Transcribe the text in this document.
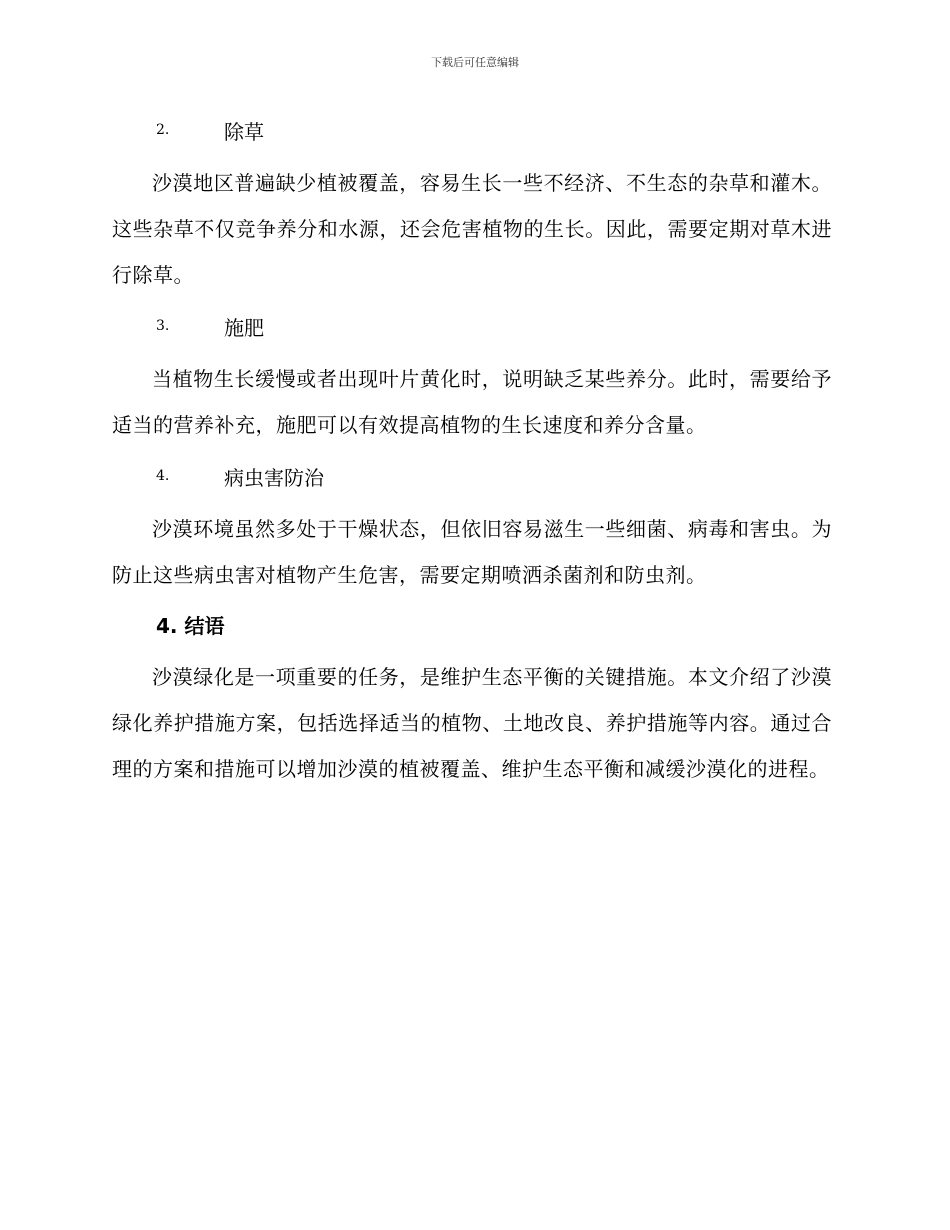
下载后可任意编辑
2.	除草

沙漠地区普遍缺少植被覆盖，容易生长一些不经济、不生态的杂草和灌木。这些杂草不仅竞争养分和水源，还会危害植物的生长。因此，需要定期对草木进行除草。

3.	施肥

当植物生长缓慢或者出现叶片黄化时，说明缺乏某些养分。此时，需要给予适当的营养补充，施肥可以有效提高植物的生长速度和养分含量。

4.	病虫害防治

沙漠环境虽然多处于干燥状态，但依旧容易滋生一些细菌、病毒和害虫。为防止这些病虫害对植物产生危害，需要定期喷洒杀菌剂和防虫剂。

4. 结语

沙漠绿化是一项重要的任务，是维护生态平衡的关键措施。本文介绍了沙漠绿化养护措施方案，包括选择适当的植物、土地改良、养护措施等内容。通过合理的方案和措施可以增加沙漠的植被覆盖、维护生态平衡和减缓沙漠化的进程。
